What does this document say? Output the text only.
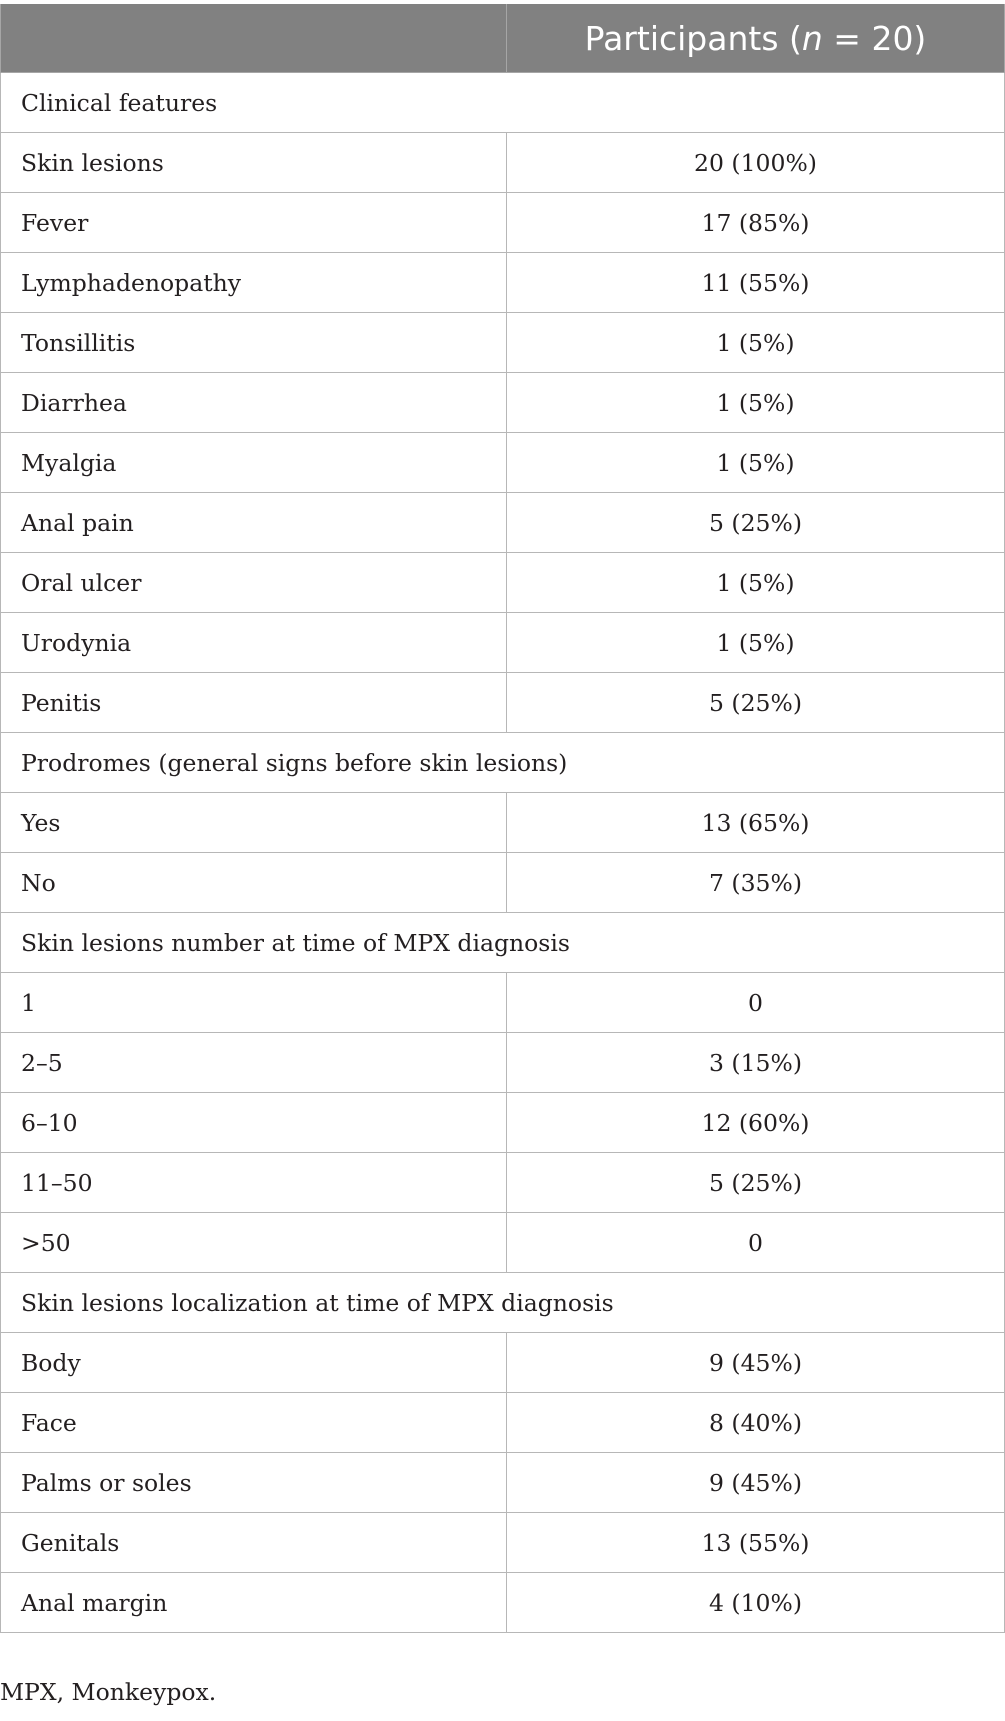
	Participants (n = 20)
Clinical features	
Skin lesions	20 (100%)
Fever	17 (85%)
Lymphadenopathy	11 (55%)
Tonsillitis	1 (5%)
Diarrhea	1 (5%)
Myalgia	1 (5%)
Anal pain	5 (25%)
Oral ulcer	1 (5%)
Urodynia	1 (5%)
Penitis	5 (25%)
Prodromes (general signs before skin lesions)	
Yes	13 (65%)
No	7 (35%)
Skin lesions number at time of MPX diagnosis	
1	0
2–5	3 (15%)
6–10	12 (60%)
11–50	5 (25%)
>50	0
Skin lesions localization at time of MPX diagnosis	
Body	9 (45%)
Face	8 (40%)
Palms or soles	9 (45%)
Genitals	13 (55%)
Anal margin	4 (10%)
MPX, Monkeypox.
